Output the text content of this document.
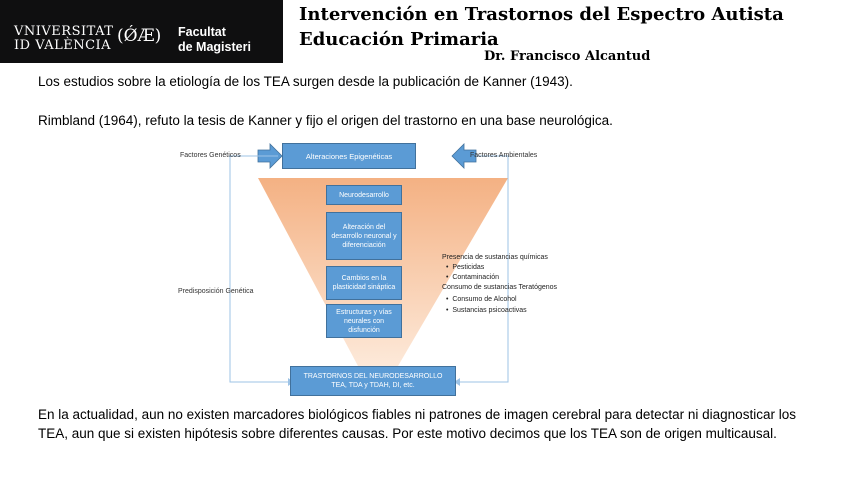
VNIVERSITAT
ID VALÈNCIA (ǾÆ) Facultat
de Magisteri
Intervención en Trastornos del Espectro Autista
Educación Primaria
Dr. Francisco Alcantud

Los estudios sobre la etiología de los TEA surgen desde la publicación de Kanner (1943).

Rimbland (1964), refuto la tesis de Kanner y fijo el origen del trastorno en una base neurológica.

Factores Genéticos	Factores Ambientales
Predisposición Genética
Alteraciones Epigenéticas
Neurodesarrollo
Alteración del desarrollo neuronal y diferenciación
Cambios en la plasticidad sináptica
Estructuras y vías neurales con disfunción
TRASTORNOS DEL NEURODESARROLLO
TEA, TDA y TDAH, DI, etc.
Presencia de sustancias químicas
•  Pesticidas
•  Contaminación
Consumo de sustancias Teratógenos
•  Consumo de Alcohol
•  Sustancias psicoactivas

En la actualidad, aun no existen marcadores biológicos fiables ni patrones de imagen cerebral para detectar ni diagnosticar los TEA, aun que si existen hipótesis sobre diferentes causas. Por este motivo decimos que los TEA son de origen multicausal.
